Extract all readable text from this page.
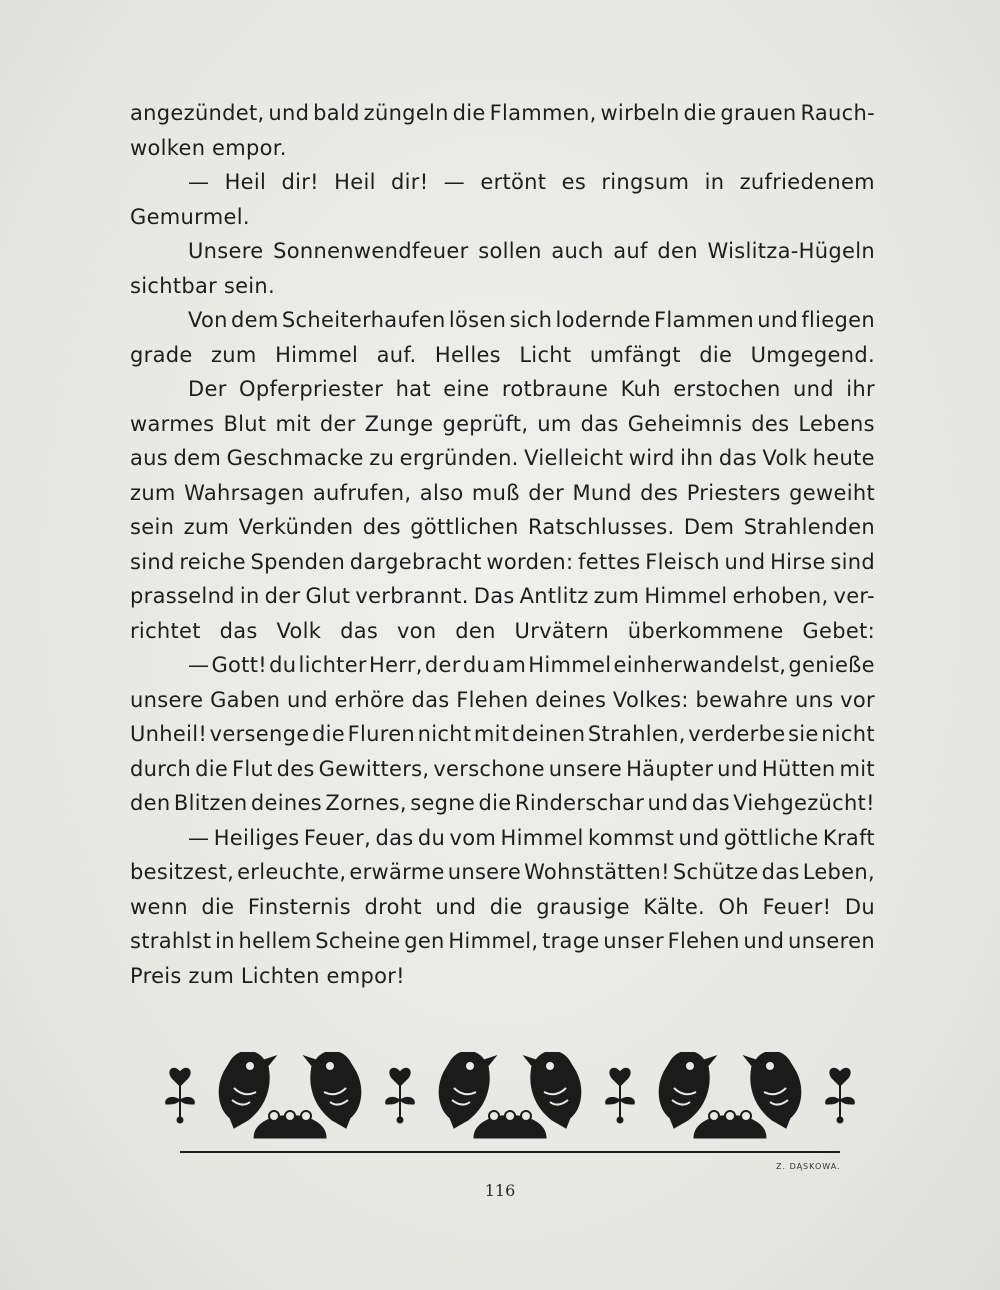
angezündet, und bald züngeln die Flammen, wirbeln die grauen Rauch-
wolken empor.
— Heil dir! Heil dir! — ertönt es ringsum in zufriedenem
Gemurmel.
Unsere Sonnenwendfeuer sollen auch auf den Wislitza-Hügeln
sichtbar sein.
Von dem Scheiterhaufen lösen sich lodernde Flammen und fliegen
grade zum Himmel auf. Helles Licht umfängt die Umgegend.
Der Opferpriester hat eine rotbraune Kuh erstochen und ihr
warmes Blut mit der Zunge geprüft, um das Geheimnis des Lebens
aus dem Geschmacke zu ergründen. Vielleicht wird ihn das Volk heute
zum Wahrsagen aufrufen, also muß der Mund des Priesters geweiht
sein zum Verkünden des göttlichen Ratschlusses. Dem Strahlenden
sind reiche Spenden dargebracht worden: fettes Fleisch und Hirse sind
prasselnd in der Glut verbrannt. Das Antlitz zum Himmel erhoben, ver-
richtet das Volk das von den Urvätern überkommene Gebet:
— Gott! du lichter Herr, der du am Himmel einherwandelst, genieße
unsere Gaben und erhöre das Flehen deines Volkes: bewahre uns vor
Unheil! versenge die Fluren nicht mit deinen Strahlen, verderbe sie nicht
durch die Flut des Gewitters, verschone unsere Häupter und Hütten mit
den Blitzen deines Zornes, segne die Rinderschar und das Viehgezücht!
— Heiliges Feuer, das du vom Himmel kommst und göttliche Kraft
besitzest, erleuchte, erwärme unsere Wohnstätten! Schütze das Leben,
wenn die Finsternis droht und die grausige Kälte. Oh Feuer! Du
strahlst in hellem Scheine gen Himmel, trage unser Flehen und unseren
Preis zum Lichten empor!
Z. DĄSKOWA.
116
